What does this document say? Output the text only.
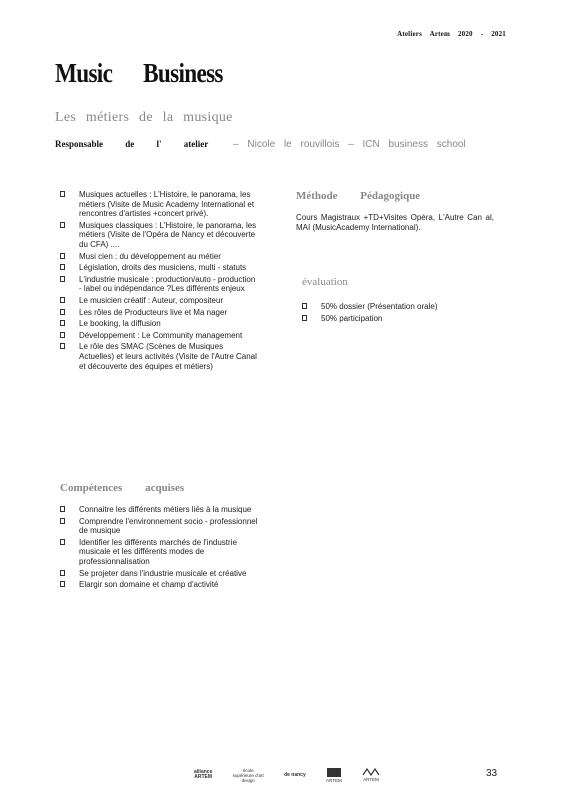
Ateliers Artem 2020 - 2021
Music Business
Les métiers de la musique
Responsable de l' atelier – Nicole le rouvillois – ICN business school
Musiques actuelles : L'Histoire, le panorama, les métiers (Visite de Music Academy International et rencontres d'artistes +concert privé).
Musiques classiques : L'Histoire, le panorama, les métiers (Visite de l'Opéra de Nancy et découverte du CFA) ....
Musi cien : du développement au métier
Législation, droits des musiciens, multi - statuts
L'industrie musicale : production/auto - production - label ou indépendance ?Les différents enjeux
Le musicien créatif : Auteur, compositeur
Les rôles de Producteurs live et Ma nager
Le booking, la diffusion
Développement : Le Community management
Le rôle des SMAC (Scènes de Musiques Actuelles) et leurs activités (Visite de l'Autre Canal et découverte des équipes et métiers)
Méthode Pédagogique
Cours Magistraux +TD+Visites Opéra, L'Autre Can al, MAI (MusicAcademy International).
évaluation
50% dossier (Présentation orale)
50% participation
Compétences acquises
Connaitre les différents métiers liés à la musique
Comprendre l'environnement socio - professionnel de musique
Identifier les différents marchés de l'industrie musicale et les différents modes de professionnalisation
Se projeter dans l'industrie musicale et créative
Elargir son domaine et champ d'activité
alliance
ARTEM
école
supérieure d'art
design
de nancy
ARTEM	ARTEM
33
